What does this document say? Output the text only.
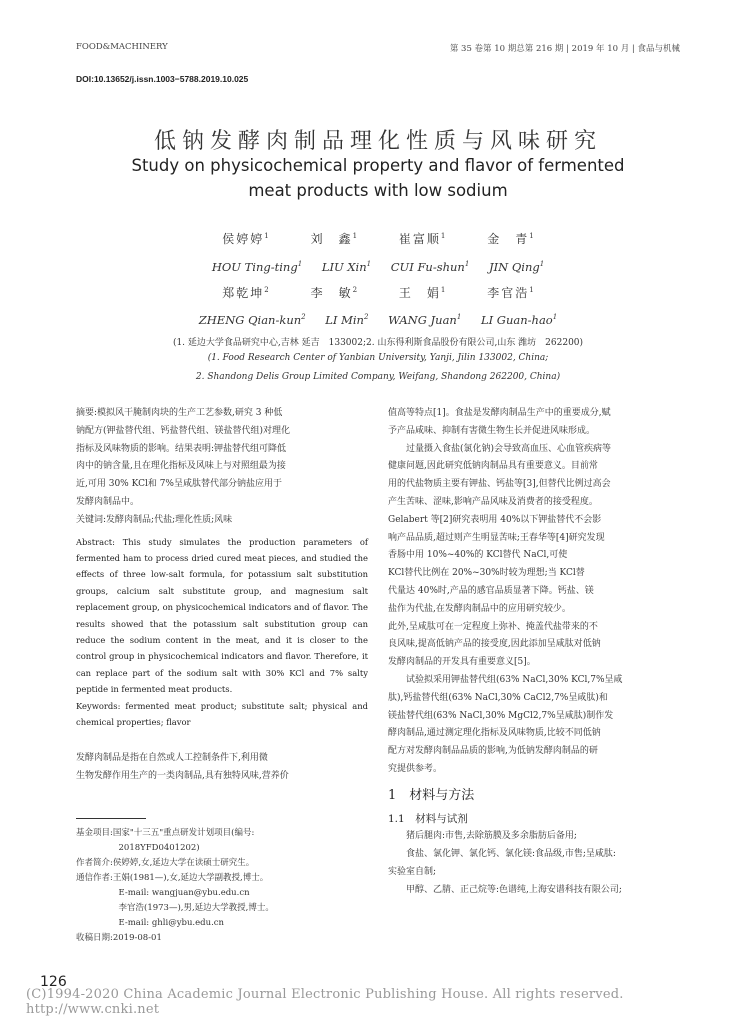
FOOD&MACHINERY	第 35 卷第 10 期总第 216 期 | 2019 年 10 月 | 食品与机械
DOI:10.13652/j.issn.1003−5788.2019.10.025
低钠发酵肉制品理化性质与风味研究
Study on physicochemical property and flavor of fermented
meat products with low sodium
侯婷婷$^1$	刘　鑫$^1$	崔富顺$^1$	金　青$^1$
HOU Ting-ting$^1$ LIU Xin$^1$ CUI Fu-shun$^1$ JIN Qing$^1$
郑乾坤$^2$	李　敏$^2$	王　娟$^1$	李官浩$^1$
ZHENG Qian-kun$^2$ LI Min$^2$ WANG Juan$^1$ LI Guan-hao$^1$
(1. 延边大学食品研究中心,吉林 延吉　133002;2. 山东得利斯食品股份有限公司,山东 潍坊　262200)
(1. Food Research Center of Yanbian University, Yanji, Jilin 133002, China;
2. Shandong Delis Group Limited Company, Weifang, Shandong 262200, China)

摘要:模拟风干腌制肉块的生产工艺参数,研究 3 种低

钠配方(钾盐替代组、钙盐替代组、镁盐替代组)对理化

指标及风味物质的影响。结果表明:钾盐替代组可降低

肉中的钠含量,且在理化指标及风味上与对照组最为接

近,可用 30% KCl和 7%呈咸肽替代部分钠盐应用于

发酵肉制品中。

关键词:发酵肉制品;代盐;理化性质;风味

Abstract: This study simulates the production parameters of fermented ham to process dried cured meat pieces, and studied the effects of three low-salt formula, for potassium salt substitution groups, calcium salt substitute group, and magnesium salt replacement group, on physicochemical indicators and of flavor. The results showed that the potassium salt substitution group can reduce the sodium content in the meat, and it is closer to the control group in physicochemical indicators and flavor. Therefore, it can replace part of the sodium salt with 30% KCl and 7% salty peptide in fermented meat products.

Keywords: fermented meat product; substitute salt; physical and chemical properties; flavor

发酵肉制品是指在自然或人工控制条件下,利用微

生物发酵作用生产的一类肉制品,具有独特风味,营养价

基金项目:国家"十三五"重点研发计划项目(编号:
　　　　　2018YFD0401202)
作者简介:侯婷婷,女,延边大学在读硕士研究生。
通信作者:王娟(1981—),女,延边大学副教授,博士。
　　　　　E-mail: wangjuan@ybu.edu.cn
　　　　　李官浩(1973—),男,延边大学教授,博士。
　　　　　E-mail: ghli@ybu.edu.cn
收稿日期:2019-08-01

值高等特点[1]。食盐是发酵肉制品生产中的重要成分,赋

予产品咸味、抑制有害微生物生长并促进风味形成。

　　过量摄入食盐(氯化钠)会导致高血压、心血管疾病等

健康问题,因此研究低钠肉制品具有重要意义。目前常

用的代盐物质主要有钾盐、钙盐等[3],但替代比例过高会

产生苦味、涩味,影响产品风味及消费者的接受程度。

Gelabert 等[2]研究表明用 40%以下钾盐替代不会影

响产品品质,超过则产生明显苦味;王春华等[4]研究发现

香肠中用 10%~40%的 KCl替代 NaCl,可使

KCl替代比例在 20%~30%时较为理想;当 KCl替

代量达 40%时,产品的感官品质显著下降。钙盐、镁

盐作为代盐,在发酵肉制品中的应用研究较少。

此外,呈咸肽可在一定程度上弥补、掩盖代盐带来的不

良风味,提高低钠产品的接受度,因此添加呈咸肽对低钠

发酵肉制品的开发具有重要意义[5]。

　　试验拟采用钾盐替代组(63% NaCl,30% KCl,7%呈咸

肽),钙盐替代组(63% NaCl,30% CaCl2,7%呈咸肽)和

镁盐替代组(63% NaCl,30% MgCl2,7%呈咸肽)制作发

酵肉制品,通过测定理化指标及风味物质,比较不同低钠

配方对发酵肉制品品质的影响,为低钠发酵肉制品的研

究提供参考。

1　材料与方法

1.1　材料与试剂

　　猪后腿肉:市售,去除筋膜及多余脂肪后备用;

　　食盐、氯化钾、氯化钙、氯化镁:食品级,市售;呈咸肽:

实验室自制;

　　甲醇、乙腈、正己烷等:色谱纯,上海安谱科技有限公司;

126
(C)1994-2020 China Academic Journal Electronic Publishing House. All rights reserved.　http://www.cnki.net
